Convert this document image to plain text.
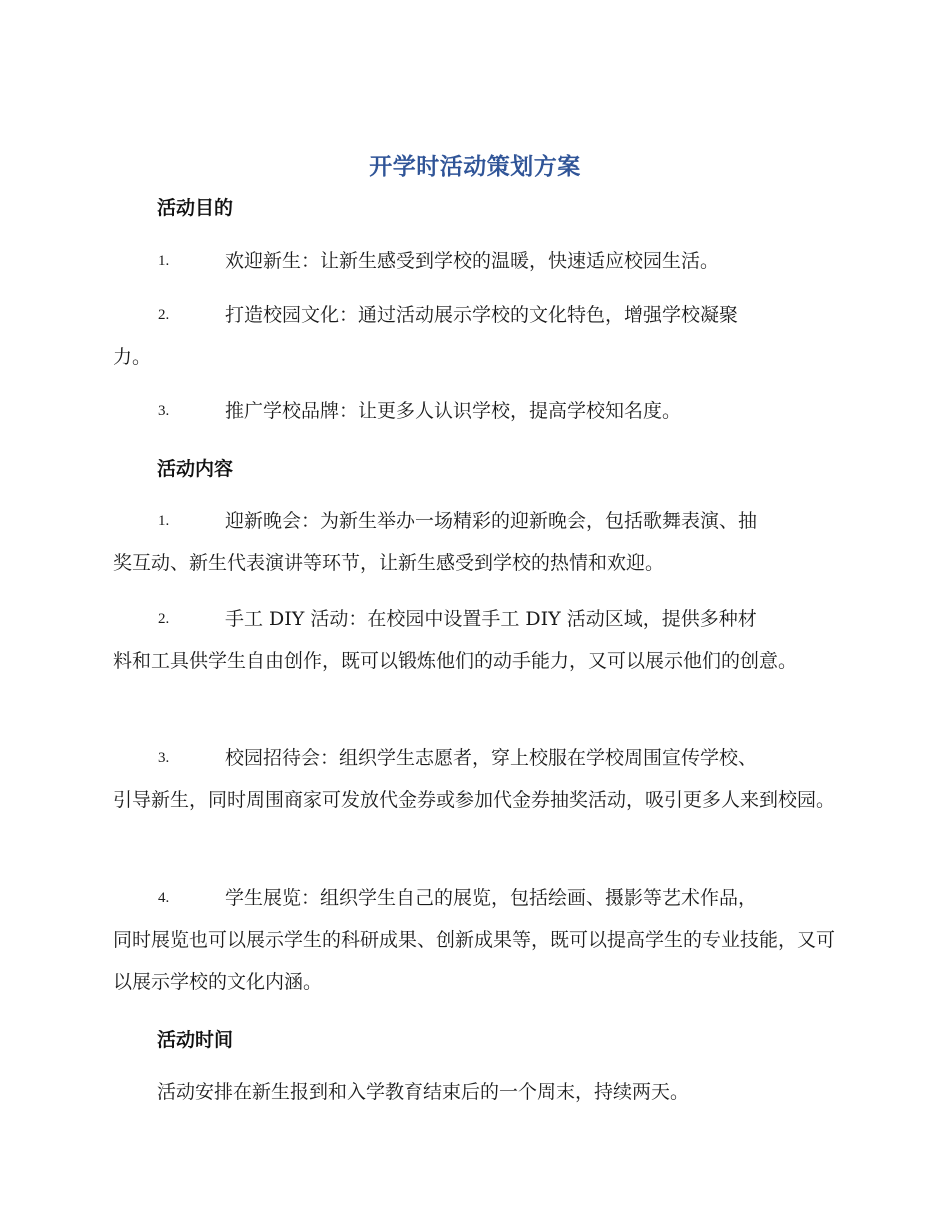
开学时活动策划方案
活动目的
1.	欢迎新生：让新生感受到学校的温暖，快速适应校园生活。
2.	打造校园文化：通过活动展示学校的文化特色，增强学校凝聚
力。
3.	推广学校品牌：让更多人认识学校，提高学校知名度。
活动内容
1.	迎新晚会：为新生举办一场精彩的迎新晚会，包括歌舞表演、抽
奖互动、新生代表演讲等环节，让新生感受到学校的热情和欢迎。
2.	手工 DIY 活动：在校园中设置手工 DIY 活动区域，提供多种材
料和工具供学生自由创作，既可以锻炼他们的动手能力，又可以展示他们的创意。
3.	校园招待会：组织学生志愿者，穿上校服在学校周围宣传学校、
引导新生，同时周围商家可发放代金券或参加代金券抽奖活动，吸引更多人来到校园。
4.	学生展览：组织学生自己的展览，包括绘画、摄影等艺术作品，
同时展览也可以展示学生的科研成果、创新成果等，既可以提高学生的专业技能，又可以展示学校的文化内涵。
活动时间
活动安排在新生报到和入学教育结束后的一个周末，持续两天。
